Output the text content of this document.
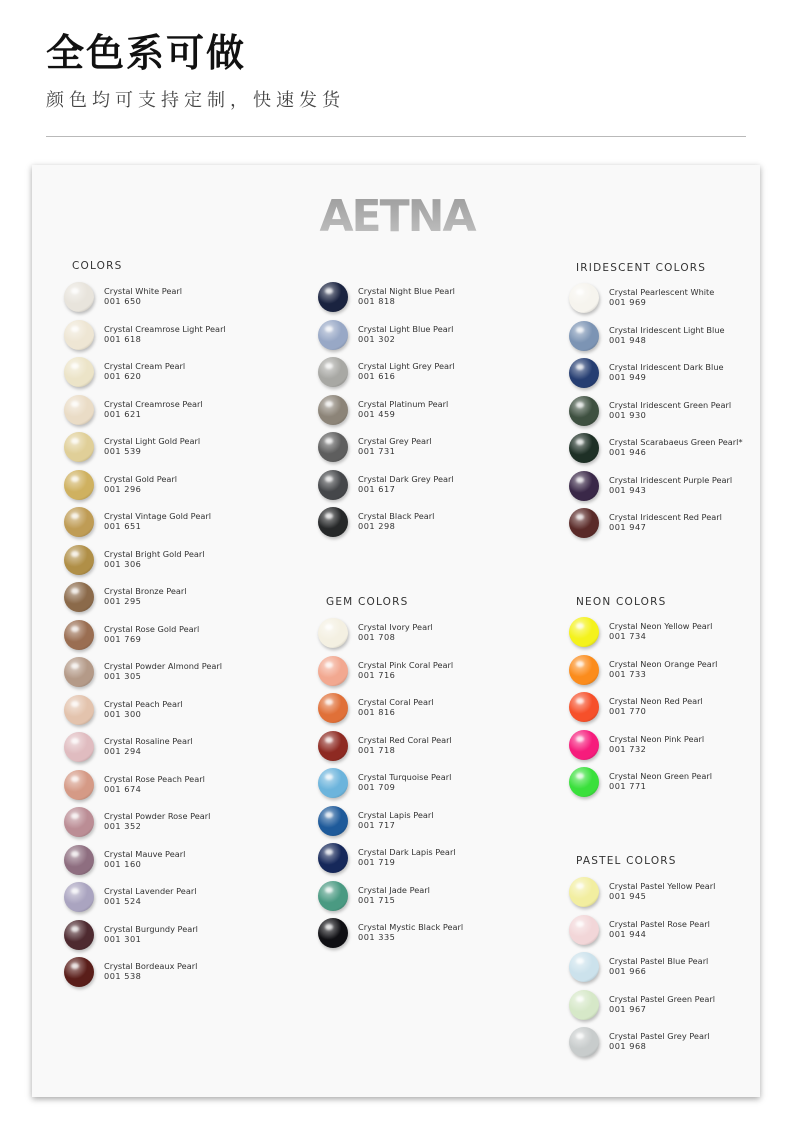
全色系可做
颜色均可支持定制，快速发货
AETNA
COLORS
Crystal White Pearl
001 650
Crystal Creamrose Light Pearl
001 618
Crystal Cream Pearl
001 620
Crystal Creamrose Pearl
001 621
Crystal Light Gold Pearl
001 539
Crystal Gold Pearl
001 296
Crystal Vintage Gold Pearl
001 651
Crystal Bright Gold Pearl
001 306
Crystal Bronze Pearl
001 295
Crystal Rose Gold Pearl
001 769
Crystal Powder Almond Pearl
001 305
Crystal Peach Pearl
001 300
Crystal Rosaline Pearl
001 294
Crystal Rose Peach Pearl
001 674
Crystal Powder Rose Pearl
001 352
Crystal Mauve Pearl
001 160
Crystal Lavender Pearl
001 524
Crystal Burgundy Pearl
001 301
Crystal Bordeaux Pearl
001 538
Crystal Night Blue Pearl
001 818
Crystal Light Blue Pearl
001 302
Crystal Light Grey Pearl
001 616
Crystal Platinum Pearl
001 459
Crystal Grey Pearl
001 731
Crystal Dark Grey Pearl
001 617
Crystal Black Pearl
001 298
GEM COLORS
Crystal Ivory Pearl
001 708
Crystal Pink Coral Pearl
001 716
Crystal Coral Pearl
001 816
Crystal Red Coral Pearl
001 718
Crystal Turquoise Pearl
001 709
Crystal Lapis Pearl
001 717
Crystal Dark Lapis Pearl
001 719
Crystal Jade Pearl
001 715
Crystal Mystic Black Pearl
001 335
IRIDESCENT COLORS
Crystal Pearlescent White
001 969
Crystal Iridescent Light Blue
001 948
Crystal Iridescent Dark Blue
001 949
Crystal Iridescent Green Pearl
001 930
Crystal Scarabaeus Green Pearl*
001 946
Crystal Iridescent Purple Pearl
001 943
Crystal Iridescent Red Pearl
001 947
NEON COLORS
Crystal Neon Yellow Pearl
001 734
Crystal Neon Orange Pearl
001 733
Crystal Neon Red Pearl
001 770
Crystal Neon Pink Pearl
001 732
Crystal Neon Green Pearl
001 771
PASTEL COLORS
Crystal Pastel Yellow Pearl
001 945
Crystal Pastel Rose Pearl
001 944
Crystal Pastel Blue Pearl
001 966
Crystal Pastel Green Pearl
001 967
Crystal Pastel Grey Pearl
001 968
